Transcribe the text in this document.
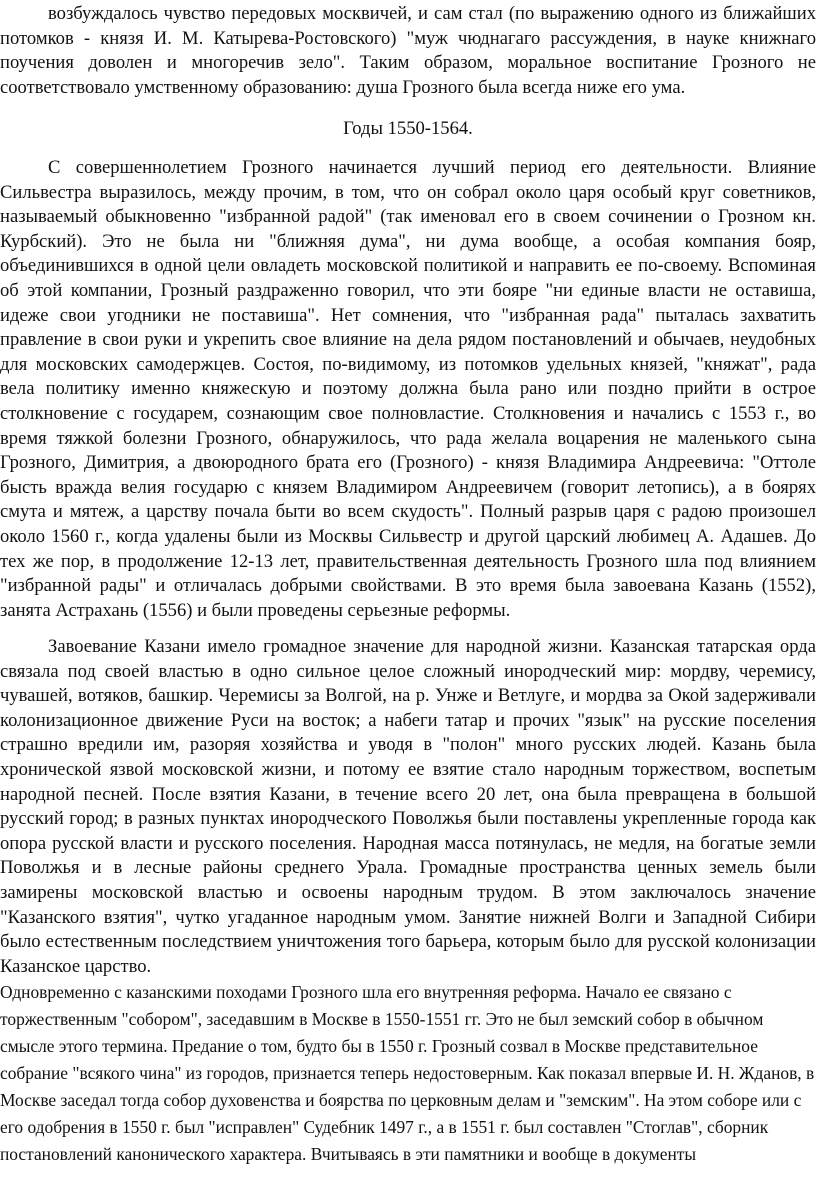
возбуждалось чувство передовых москвичей, и сам стал (по выражению одного из ближайших потомков - князя И. М. Катырева-Ростовского) "муж чюднагаго рассуждения, в науке книжнаго поучения доволен и многоречив зело". Таким образом, моральное воспитание Грозного не соответствовало умственному образованию: душа Грозного была всегда ниже его ума.

Годы 1550-1564.

С совершеннолетием Грозного начинается лучший период его деятельности. Влияние Сильвестра выразилось, между прочим, в том, что он собрал около царя особый круг советников, называемый обыкновенно "избранной радой" (так именовал его в своем сочинении о Грозном кн. Курбский). Это не была ни "ближняя дума", ни дума вообще, а особая компания бояр, объединившихся в одной цели овладеть московской политикой и направить ее по-своему. Вспоминая об этой компании, Грозный раздраженно говорил, что эти бояре "ни единые власти не оставиша, идеже свои угодники не поставиша". Нет сомнения, что "избранная рада" пыталась захватить правление в свои руки и укрепить свое влияние на дела рядом постановлений и обычаев, неудобных для московских самодержцев. Состоя, по-видимому, из потомков удельных князей, "княжат", рада вела политику именно княжескую и поэтому должна была рано или поздно прийти в острое столкновение с государем, сознающим свое полновластие. Столкновения и начались с 1553 г., во время тяжкой болезни Грозного, обнаружилось, что рада желала воцарения не маленького сына Грозного, Димитрия, а двоюродного брата его (Грозного) - князя Владимира Андреевича: "Оттоле бысть вражда велия государю с князем Владимиром Андреевичем (говорит летопись), а в боярях смута и мятеж, а царству почала быти во всем скудость". Полный разрыв царя с радою произошел около 1560 г., когда удалены были из Москвы Сильвестр и другой царский любимец А. Адашев. До тех же пор, в продолжение 12-13 лет, правительственная деятельность Грозного шла под влиянием "избранной рады" и отличалась добрыми свойствами. В это время была завоевана Казань (1552), занята Астрахань (1556) и были проведены серьезные реформы.

Завоевание Казани имело громадное значение для народной жизни. Казанская татарская орда связала под своей властью в одно сильное целое сложный инородческий мир: мордву, черемису, чувашей, вотяков, башкир. Черемисы за Волгой, на р. Унже и Ветлуге, и мордва за Окой задерживали колонизационное движение Руси на восток; а набеги татар и прочих "язык" на русские поселения страшно вредили им, разоряя хозяйства и уводя в "полон" много русских людей. Казань была хронической язвой московской жизни, и потому ее взятие стало народным торжеством, воспетым народной песней. После взятия Казани, в течение всего 20 лет, она была превращена в большой русский город; в разных пунктах инородческого Поволжья были поставлены укрепленные города как опора русской власти и русского поселения. Народная масса потянулась, не медля, на богатые земли Поволжья и в лесные районы среднего Урала. Громадные пространства ценных земель были замирены московской властью и освоены народным трудом. В этом заключалось значение "Казанского взятия", чутко угаданное народным умом. Занятие нижней Волги и Западной Сибири было естественным последствием уничтожения того барьера, которым было для русской колонизации Казанское царство.

Одновременно с казанскими походами Грозного шла его внутренняя реформа. Начало ее связано с торжественным "собором", заседавшим в Москве в 1550-1551 гг. Это не был земский собор в обычном смысле этого термина. Предание о том, будто бы в 1550 г. Грозный созвал в Москве представительное собрание "всякого чина" из городов, признается теперь недостоверным. Как показал впервые И. Н. Жданов, в Москве заседал тогда собор духовенства и боярства по церковным делам и "земским". На этом соборе или с его одобрения в 1550 г. был "исправлен" Судебник 1497 г., а в 1551 г. был составлен "Стоглав", сборник постановлений канонического характера. Вчитываясь в эти памятники и вообще в документы
